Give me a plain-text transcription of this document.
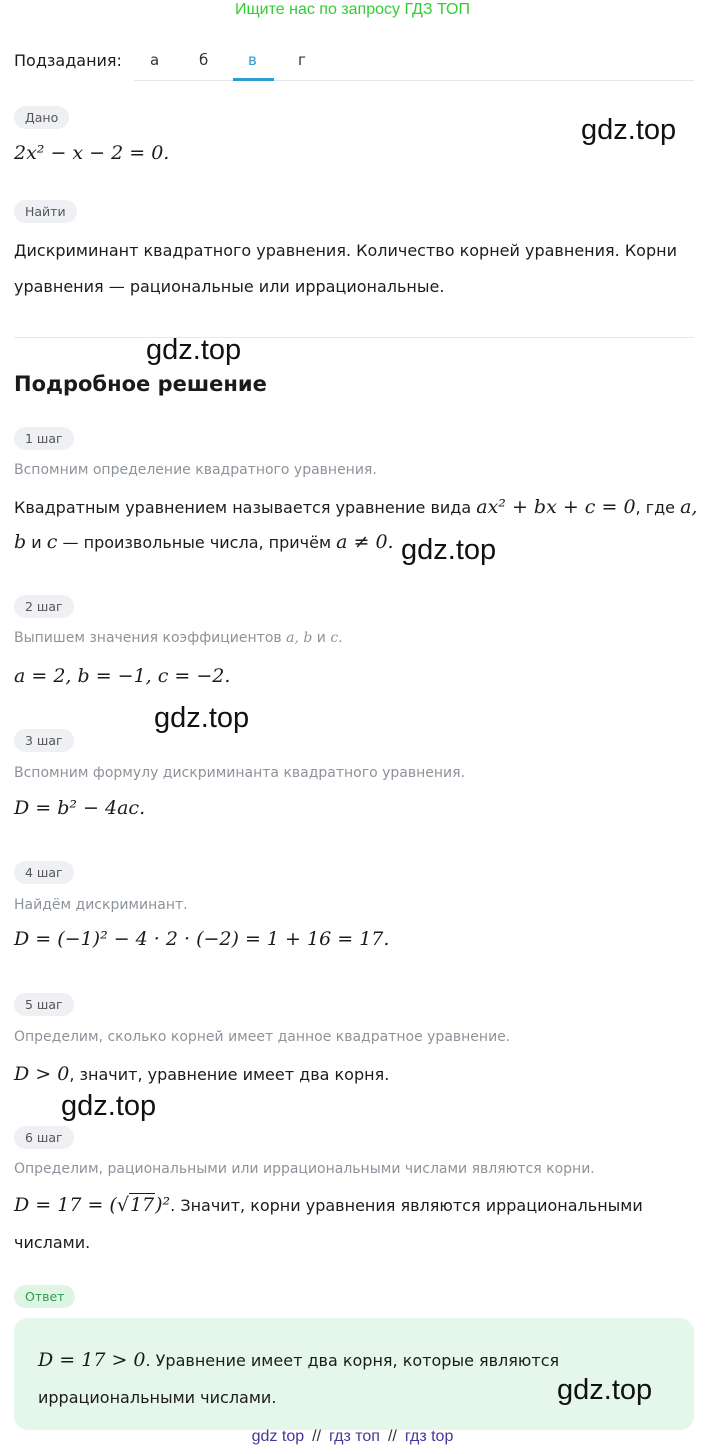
Ищите нас по запросу ГДЗ ТОП
Подзадания: а	б	в	г
Дано
2x² − x − 2 = 0.
gdz.top
Найти
Дискриминант квадратного уравнения. Количество корней уравнения. Корни
уравнения — рациональные или иррациональные.
gdz.top
Подробное решение
1 шаг
Вспомним определение квадратного уравнения.
Квадратным уравнением называется уравнение вида ax² + bx + c = 0, где a,
b и c — произвольные числа, причём a ≠ 0. gdz.top
2 шаг
Выпишем значения коэффициентов a, b и c.
a = 2, b = −1, c = −2.
gdz.top
3 шаг
Вспомним формулу дискриминанта квадратного уравнения.
D = b² − 4ac.
4 шаг
Найдём дискриминант.
D = (−1)² − 4 · 2 · (−2) = 1 + 16 = 17.
5 шаг
Определим, сколько корней имеет данное квадратное уравнение.
D > 0, значит, уравнение имеет два корня.
gdz.top
6 шаг
Определим, рациональными или иррациональными числами являются корни.
D = 17 = (√17)². Значит, корни уравнения являются иррациональными
числами.
Ответ
D = 17 > 0. Уравнение имеет два корня, которые являются
иррациональными числами.	gdz.top
gdz top // гдз топ // гдз top
